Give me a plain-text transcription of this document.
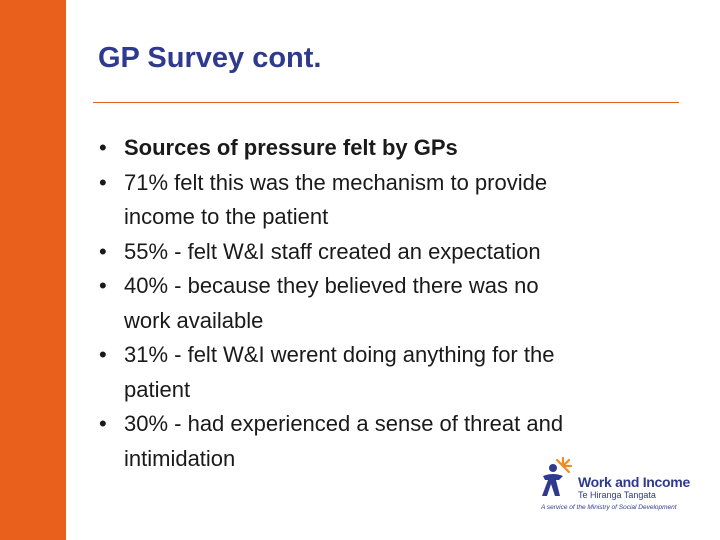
GP Survey cont.
• Sources of pressure felt by GPs
• 71% felt this was the mechanism to provide
income to the patient
• 55% - felt W&I staff created an expectation
• 40% - because they believed there was no
work available
• 31% - felt W&I werent doing anything for the
patient
• 30% - had experienced a sense of threat and
intimidation
Work and Income
Te Hiranga Tangata
A service of the Ministry of Social Development
